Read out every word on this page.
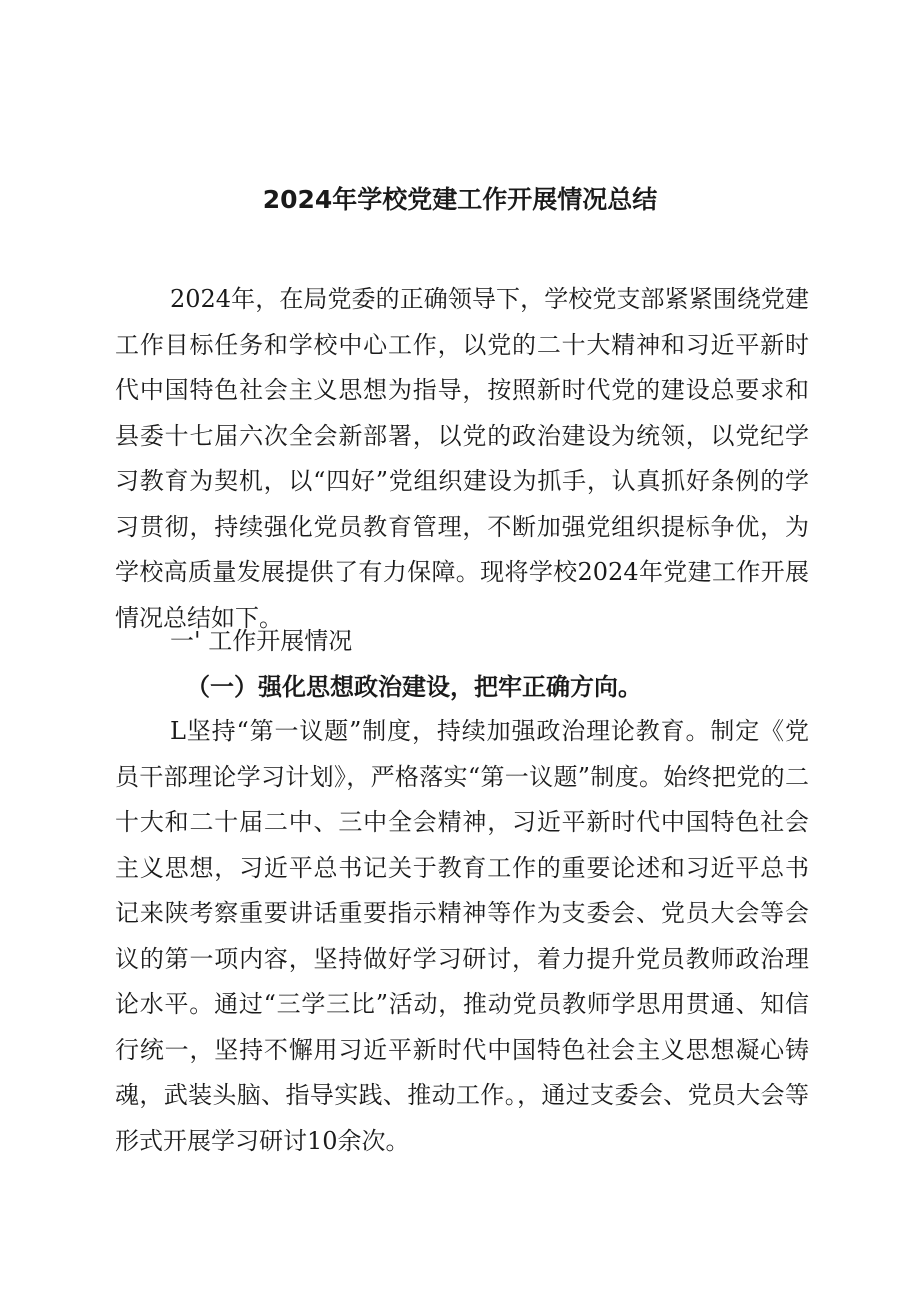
2024年学校党建工作开展情况总结

2024年，在局党委的正确领导下，学校党支部紧紧围绕党建工作目标任务和学校中心工作，以党的二十大精神和习近平新时代中国特色社会主义思想为指导，按照新时代党的建设总要求和县委十七届六次全会新部署，以党的政治建设为统领，以党纪学习教育为契机，以“四好”党组织建设为抓手，认真抓好条例的学习贯彻，持续强化党员教育管理，不断加强党组织提标争优，为学校高质量发展提供了有力保障。现将学校2024年党建工作开展情况总结如下。

一' 工作开展情况

（一）强化思想政治建设，把牢正确方向。

L坚持“第一议题”制度，持续加强政治理论教育。制定《党员干部理论学习计划》，严格落实“第一议题”制度。始终把党的二十大和二十届二中、三中全会精神，习近平新时代中国特色社会主义思想，习近平总书记关于教育工作的重要论述和习近平总书记来陕考察重要讲话重要指示精神等作为支委会、党员大会等会议的第一项内容，坚持做好学习研讨，着力提升党员教师政治理论水平。通过“三学三比”活动，推动党员教师学思用贯通、知信行统一，坚持不懈用习近平新时代中国特色社会主义思想凝心铸魂，武装头脑、指导实践、推动工作。，通过支委会、党员大会等形式开展学习研讨10余次。
